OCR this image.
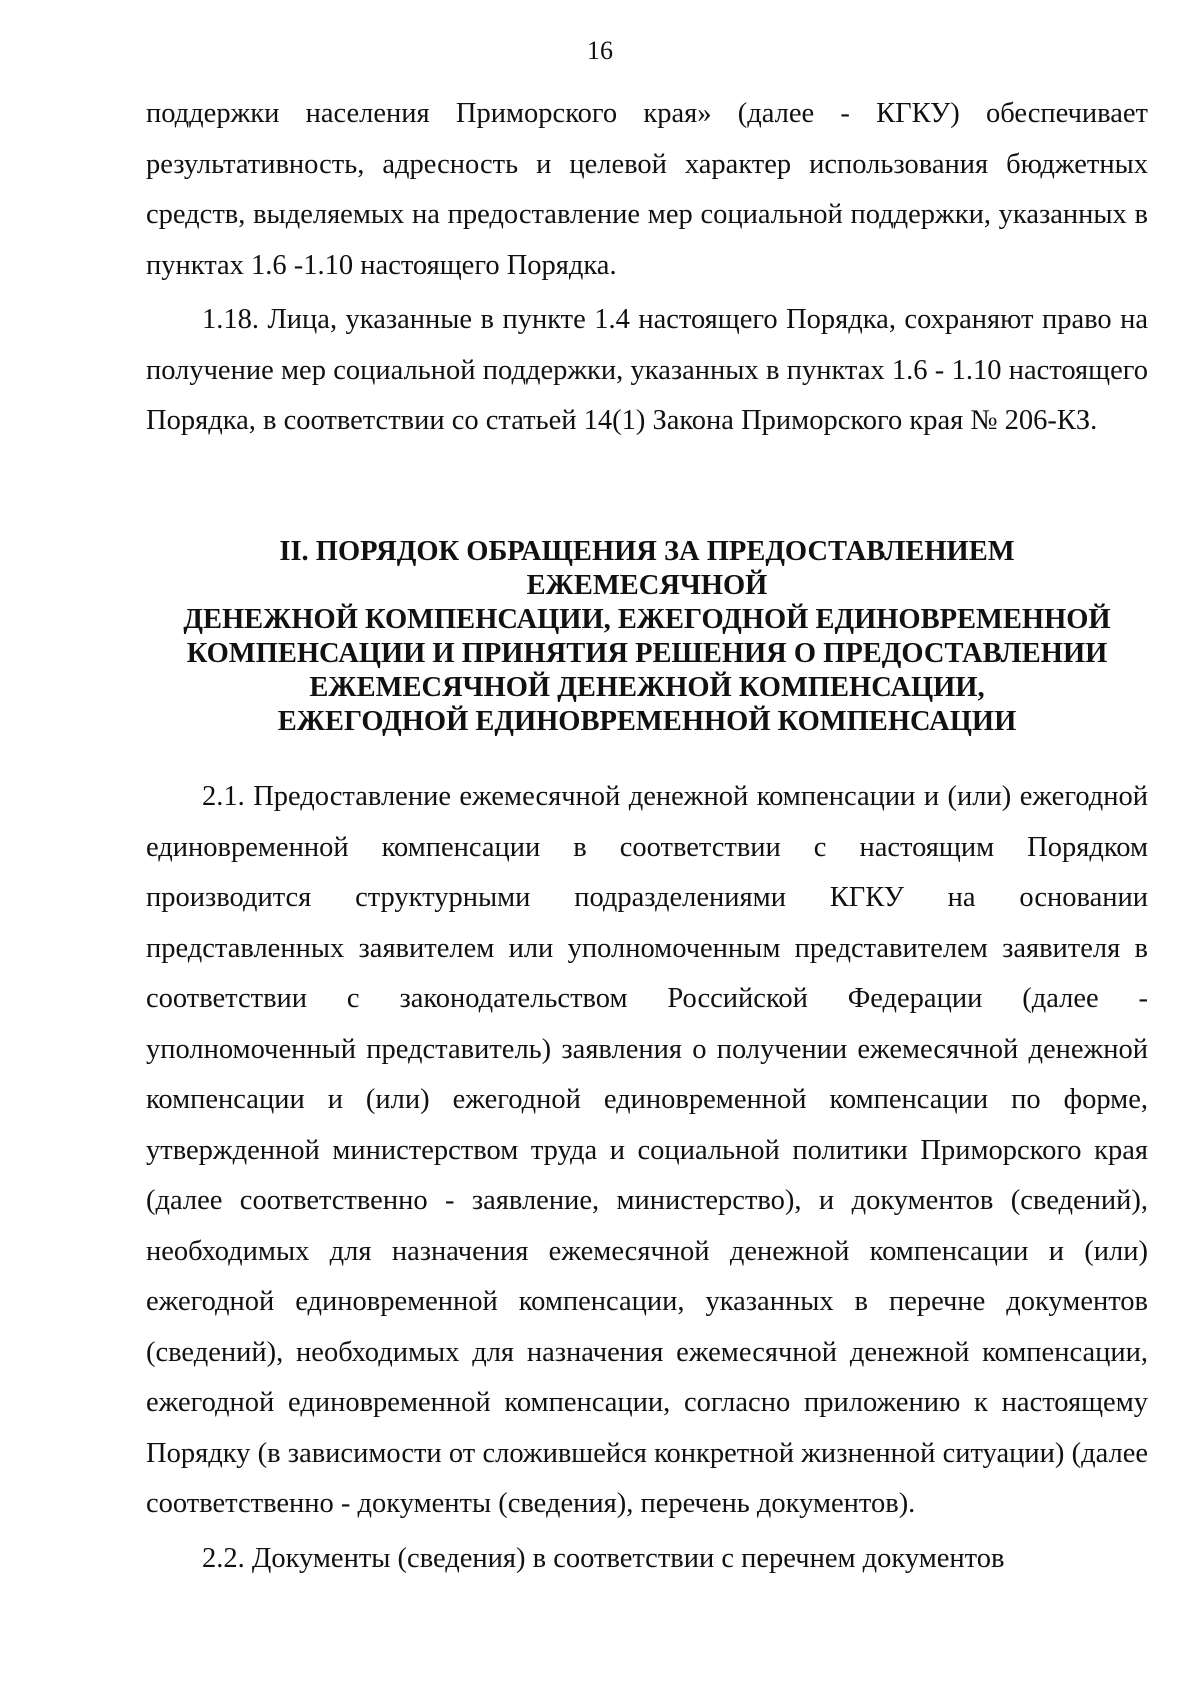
16

поддержки населения Приморского края» (далее - КГКУ) обеспечивает результативность, адресность и целевой характер использования бюджетных средств, выделяемых на предоставление мер социальной поддержки, указанных в пунктах 1.6 -1.10 настоящего Порядка.

1.18. Лица, указанные в пункте 1.4 настоящего Порядка, сохраняют право на получение мер социальной поддержки, указанных в пунктах 1.6 - 1.10 настоящего Порядка, в соответствии со статьей 14(1) Закона Приморского края № 206-КЗ.

II. ПОРЯДОК ОБРАЩЕНИЯ ЗА ПРЕДОСТАВЛЕНИЕМ
ЕЖЕМЕСЯЧНОЙ
ДЕНЕЖНОЙ КОМПЕНСАЦИИ, ЕЖЕГОДНОЙ ЕДИНОВРЕМЕННОЙ
КОМПЕНСАЦИИ И ПРИНЯТИЯ РЕШЕНИЯ О ПРЕДОСТАВЛЕНИИ
ЕЖЕМЕСЯЧНОЙ ДЕНЕЖНОЙ КОМПЕНСАЦИИ,
ЕЖЕГОДНОЙ ЕДИНОВРЕМЕННОЙ КОМПЕНСАЦИИ

2.1. Предоставление ежемесячной денежной компенсации и (или) ежегодной единовременной компенсации в соответствии с настоящим Порядком производится структурными подразделениями КГКУ на основании представленных заявителем или уполномоченным представителем заявителя в соответствии с законодательством Российской Федерации (далее - уполномоченный представитель) заявления о получении ежемесячной денежной компенсации и (или) ежегодной единовременной компенсации по форме, утвержденной министерством труда и социальной политики Приморского края (далее соответственно - заявление, министерство), и документов (сведений), необходимых для назначения ежемесячной денежной компенсации и (или) ежегодной единовременной компенсации, указанных в перечне документов (сведений), необходимых для назначения ежемесячной денежной компенсации, ежегодной единовременной компенсации, согласно приложению к настоящему Порядку (в зависимости от сложившейся конкретной жизненной ситуации) (далее соответственно - документы (сведения), перечень документов).

2.2. Документы (сведения) в соответствии с перечнем документов
